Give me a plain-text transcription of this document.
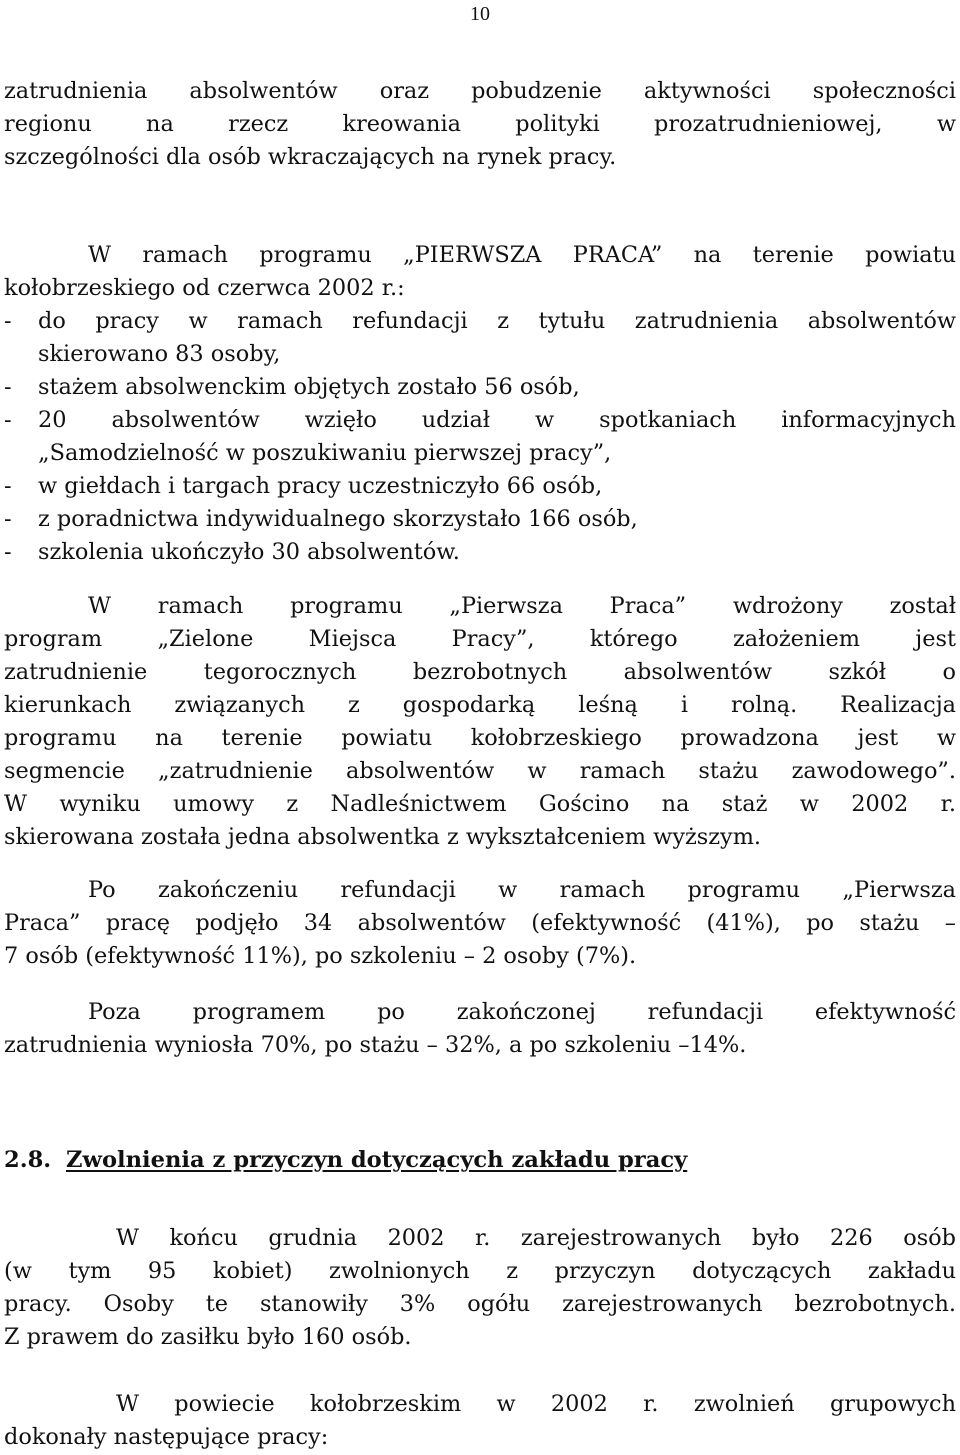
10
zatrudnienia absolwentów oraz pobudzenie aktywności społeczności
regionu na rzecz kreowania polityki prozatrudnieniowej, w
szczególności dla osób wkraczających na rynek pracy.
W ramach programu „PIERWSZA PRACA” na terenie powiatu
kołobrzeskiego od czerwca 2002 r.:
- do pracy w ramach refundacji z tytułu zatrudnienia absolwentów
skierowano 83 osoby,
- stażem absolwenckim objętych zostało 56 osób,
- 20 absolwentów wzięło udział w spotkaniach informacyjnych
„Samodzielność w poszukiwaniu pierwszej pracy”,
- w giełdach i targach pracy uczestniczyło 66 osób,
- z poradnictwa indywidualnego skorzystało 166 osób,
- szkolenia ukończyło 30 absolwentów.
W ramach programu „Pierwsza Praca” wdrożony został
program „Zielone Miejsca Pracy”, którego założeniem jest
zatrudnienie tegorocznych bezrobotnych absolwentów szkół o
kierunkach związanych z gospodarką leśną i rolną. Realizacja
programu na terenie powiatu kołobrzeskiego prowadzona jest w
segmencie „zatrudnienie absolwentów w ramach stażu zawodowego”.
W wyniku umowy z Nadleśnictwem Gościno na staż w 2002 r.
skierowana została jedna absolwentka z wykształceniem wyższym.
Po zakończeniu refundacji w ramach programu „Pierwsza
Praca” pracę podjęło 34 absolwentów (efektywność (41%), po stażu –
7 osób (efektywność 11%), po szkoleniu – 2 osoby (7%).
Poza programem po zakończonej refundacji efektywność
zatrudnienia wyniosła 70%, po stażu – 32%, a po szkoleniu –14%.
2.8. Zwolnienia z przyczyn dotyczących zakładu pracy
W końcu grudnia 2002 r. zarejestrowanych było 226 osób
(w tym 95 kobiet) zwolnionych z przyczyn dotyczących zakładu
pracy. Osoby te stanowiły 3% ogółu zarejestrowanych bezrobotnych.
Z prawem do zasiłku było 160 osób.
W powiecie kołobrzeskim w 2002 r. zwolnień grupowych
dokonały następujące pracy:
